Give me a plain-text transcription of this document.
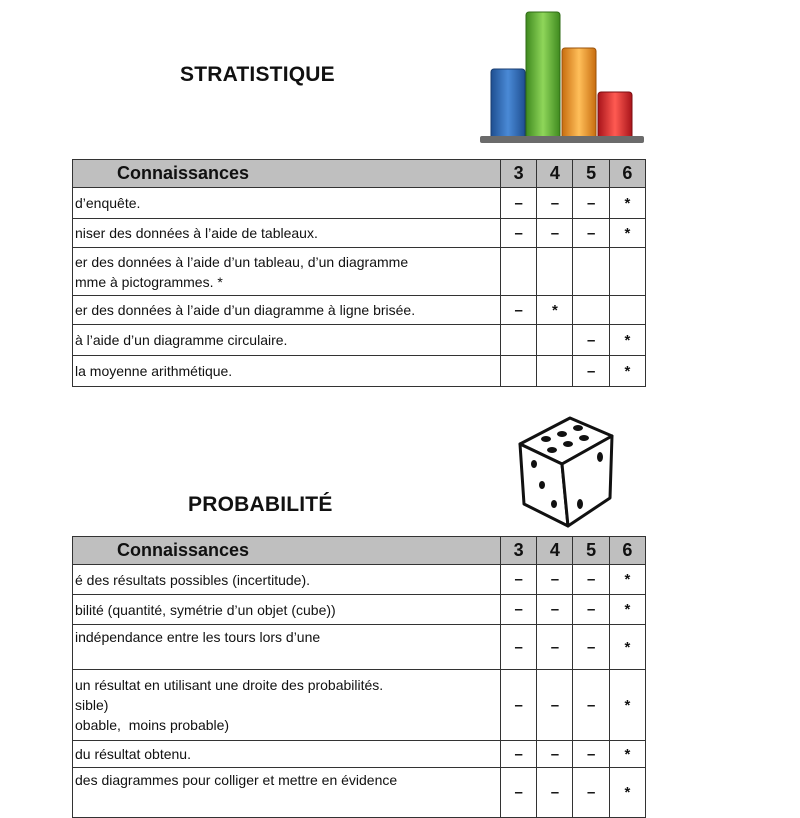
STRATISTIQUE
Connaissances	3	4	5	6

d’enquête.	–	–	–	*

niser des données à l’aide de tableaux.	–	–	–	*

er des données à l’aide d’un tableau, d’un diagramme
mme à pictogrammes. *				

er des données à l’aide d’un diagramme à ligne brisée.	–	*		

à l’aide d’un diagramme circulaire.			–	*

la moyenne arithmétique.			–	*
PROBABILITÉ
Connaissances	3	4	5	6

é des résultats possibles (incertitude).	–	–	–	*

bilité (quantité, symétrie d’un objet (cube))	–	–	–	*

indépendance entre les tours lors d’une	–	–	–	*

un résultat en utilisant une droite des probabilités.
sible)
obable,  moins probable)	–	–	–	*

du résultat obtenu.	–	–	–	*

des diagrammes pour colliger et mettre en évidence	–	–	–	*
